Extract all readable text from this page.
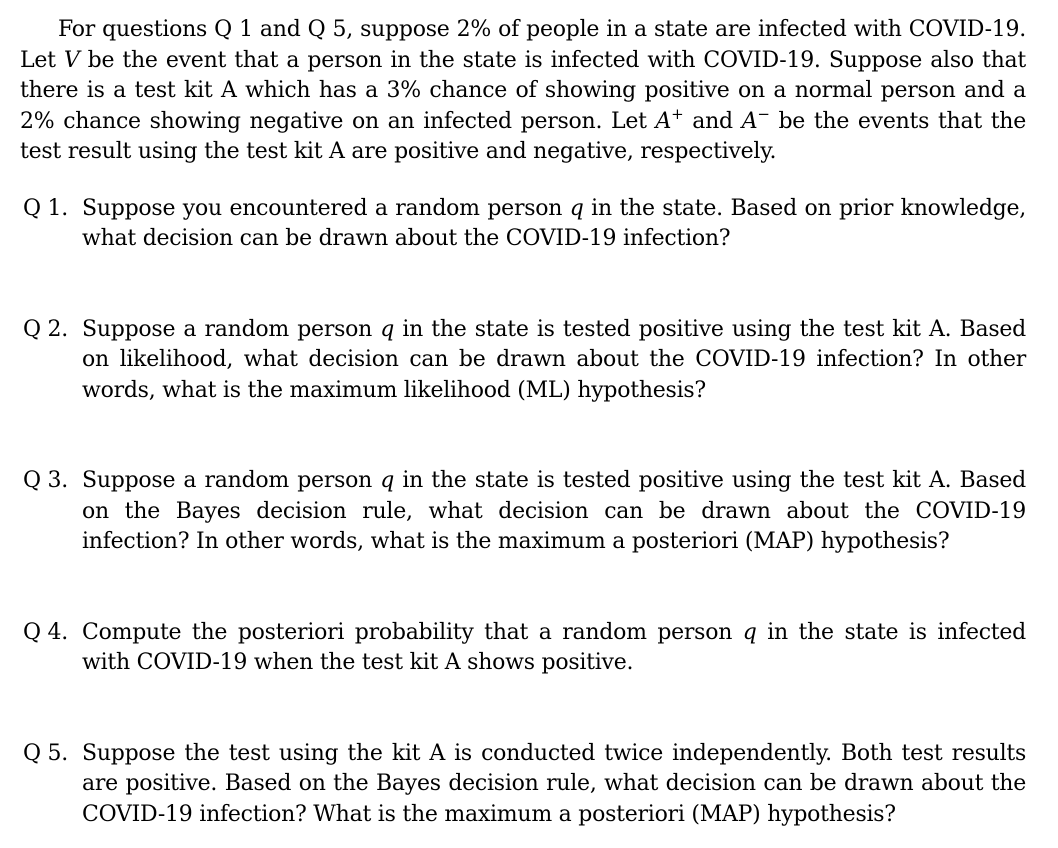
For questions Q 1 and Q 5, suppose 2% of people in a state are infected with COVID-19. Let V be the event that a person in the state is infected with COVID-19. Suppose also that there is a test kit A which has a 3% chance of showing positive on a normal person and a 2% chance showing negative on an infected person. Let A+ and A− be the events that the test result using the test kit A are positive and negative, respectively.

Q 1. Suppose you encountered a random person q in the state. Based on prior knowledge, what decision can be drawn about the COVID-19 infection?
Q 2. Suppose a random person q in the state is tested positive using the test kit A. Based on likelihood, what decision can be drawn about the COVID-19 infection? In other words, what is the maximum likelihood (ML) hypothesis?
Q 3. Suppose a random person q in the state is tested positive using the test kit A. Based on the Bayes decision rule, what decision can be drawn about the COVID-19 infection? In other words, what is the maximum a posteriori (MAP) hypothesis?
Q 4. Compute the posteriori probability that a random person q in the state is infected with COVID-19 when the test kit A shows positive.
Q 5. Suppose the test using the kit A is conducted twice independently. Both test results are positive. Based on the Bayes decision rule, what decision can be drawn about the COVID-19 infection? What is the maximum a posteriori (MAP) hypothesis?
